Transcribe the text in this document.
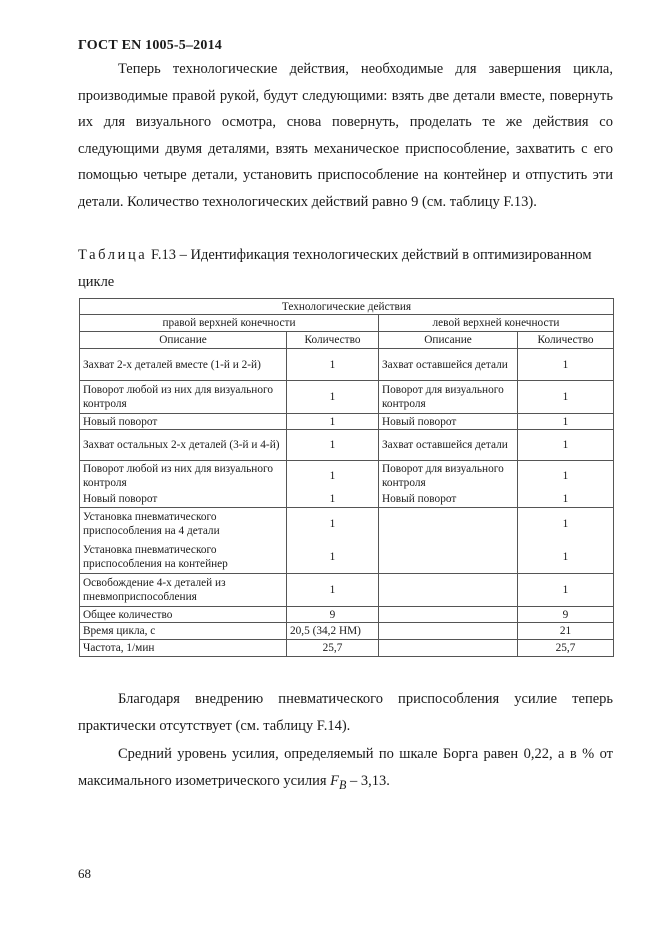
ГОСТ EN 1005-5–2014

Теперь технологические действия, необходимые для завершения цикла, производимые правой рукой, будут следующими: взять две детали вместе, повернуть их для визуального осмотра, снова повернуть, проделать те же действия со следующими двумя деталями, взять механическое приспособление, захватить с его помощью четыре детали, установить приспособление на контейнер и отпустить эти детали. Количество технологических действий равно 9 (см. таблицу F.13).

Таблица F.13 – Идентификация технологических действий в оптимизированном цикле
Технологические действия			
правой верхней конечности		левой верхней конечности	
Описание	Количество	Описание	Количество
Захват 2-х деталей вместе (1-й и 2-й)	1	Захват оставшейся детали	1
Поворот любой из них для визуального контроля	1	Поворот для визуального контроля	1
Новый поворот	1	Новый поворот	1
Захват остальных 2-х деталей (3-й и 4-й)	1	Захват оставшейся детали	1
Поворот любой из них для визуального контроля	1	Поворот для визуального контроля	1
Новый поворот	1	Новый поворот	1
Установка пневматического приспособления на 4 детали	1		1
Установка пневматического приспособления на контейнер	1		1
Освобождение 4-х деталей из пневмоприспособления	1		1
Общее количество	9		9
Время цикла, с	20,5 (34,2 НМ)		21
Частота, 1/мин	25,7		25,7

Благодаря внедрению пневматического приспособления усилие теперь практически отсутствует (см. таблицу F.14).

Средний уровень усилия, определяемый по шкале Борга равен 0,22, а в % от максимального изометрического усилия $F_B - 3,13$.

68
